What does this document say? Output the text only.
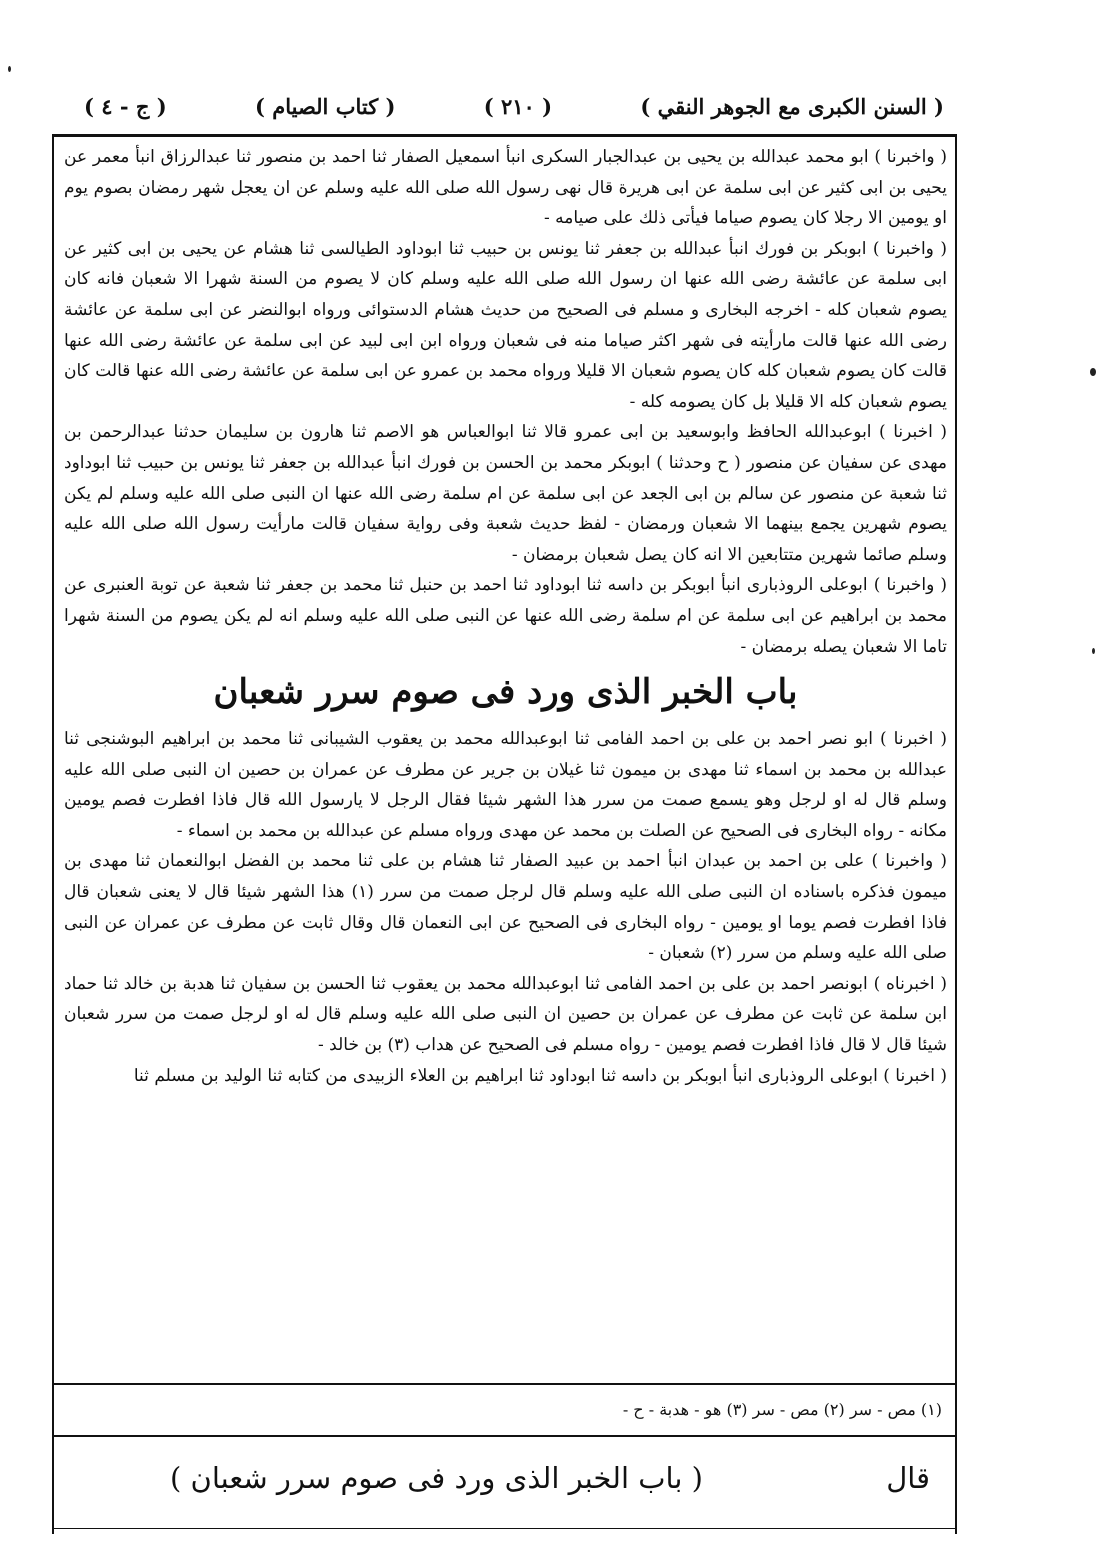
( السنن الكبرى مع الجوهر النقي )
( ٢١٠ )
( كتاب الصيام )
( ج - ٤ )

( واخبرنا ) ابو محمد عبدالله بن يحيى بن عبدالجبار السكرى انبأ اسمعيل الصفار ثنا احمد بن منصور ثنا عبدالرزاق انبأ معمر عن يحيى بن ابى كثير عن ابى سلمة عن ابى هريرة قال نهى رسول الله صلى الله عليه وسلم عن ان يعجل شهر رمضان بصوم يوم او يومين الا رجلا كان يصوم صياما فيأتى ذلك على صيامه -

( واخبرنا ) ابوبكر بن فورك انبأ عبدالله بن جعفر ثنا يونس بن حبيب ثنا ابوداود الطيالسى ثنا هشام عن يحيى بن ابى كثير عن ابى سلمة عن عائشة رضى الله عنها ان رسول الله صلى الله عليه وسلم كان لا يصوم من السنة شهرا الا شعبان فانه كان يصوم شعبان كله - اخرجه البخارى و مسلم فى الصحيح من حديث هشام الدستوائى ورواه ابوالنضر عن ابى سلمة عن عائشة رضى الله عنها قالت مارأيته فى شهر اكثر صياما منه فى شعبان ورواه ابن ابى لبيد عن ابى سلمة عن عائشة رضى الله عنها قالت كان يصوم شعبان كله كان يصوم شعبان الا قليلا ورواه محمد بن عمرو عن ابى سلمة عن عائشة رضى الله عنها قالت كان يصوم شعبان كله الا قليلا بل كان يصومه كله -

( اخبرنا ) ابوعبدالله الحافظ وابوسعيد بن ابى عمرو قالا ثنا ابوالعباس هو الاصم ثنا هارون بن سليمان حدثنا عبدالرحمن بن مهدى عن سفيان عن منصور ( ح وحدثنا ) ابوبكر محمد بن الحسن بن فورك انبأ عبدالله بن جعفر ثنا يونس بن حبيب ثنا ابوداود ثنا شعبة عن منصور عن سالم بن ابى الجعد عن ابى سلمة عن ام سلمة رضى الله عنها ان النبى صلى الله عليه وسلم لم يكن يصوم شهرين يجمع بينهما الا شعبان ورمضان - لفظ حديث شعبة وفى رواية سفيان قالت مارأيت رسول الله صلى الله عليه وسلم صائما شهرين متتابعين الا انه كان يصل شعبان برمضان -

( واخبرنا ) ابوعلى الروذبارى انبأ ابوبكر بن داسه ثنا ابوداود ثنا احمد بن حنبل ثنا محمد بن جعفر ثنا شعبة عن توبة العنبرى عن محمد بن ابراهيم عن ابى سلمة عن ام سلمة رضى الله عنها عن النبى صلى الله عليه وسلم انه لم يكن يصوم من السنة شهرا تاما الا شعبان يصله برمضان -

باب الخبر الذى ورد فى صوم سرر شعبان

( اخبرنا ) ابو نصر احمد بن على بن احمد الفامى ثنا ابوعبدالله محمد بن يعقوب الشيبانى ثنا محمد بن ابراهيم البوشنجى ثنا عبدالله بن محمد بن اسماء ثنا مهدى بن ميمون ثنا غيلان بن جرير عن مطرف عن عمران بن حصين ان النبى صلى الله عليه وسلم قال له او لرجل وهو يسمع صمت من سرر هذا الشهر شيئا فقال الرجل لا يارسول الله قال فاذا افطرت فصم يومين مكانه - رواه البخارى فى الصحيح عن الصلت بن محمد عن مهدى ورواه مسلم عن عبدالله بن محمد بن اسماء -

( واخبرنا ) على بن احمد بن عبدان انبأ احمد بن عبيد الصفار ثنا هشام بن على ثنا محمد بن الفضل ابوالنعمان ثنا مهدى بن ميمون فذكره باسناده ان النبى صلى الله عليه وسلم قال لرجل صمت من سرر (١) هذا الشهر شيئا قال لا يعنى شعبان قال فاذا افطرت فصم يوما او يومين - رواه البخارى فى الصحيح عن ابى النعمان قال وقال ثابت عن مطرف عن عمران عن النبى صلى الله عليه وسلم من سرر (٢) شعبان -

( اخبرناه ) ابونصر احمد بن على بن احمد الفامى ثنا ابوعبدالله محمد بن يعقوب ثنا الحسن بن سفيان ثنا هدبة بن خالد ثنا حماد ابن سلمة عن ثابت عن مطرف عن عمران بن حصين ان النبى صلى الله عليه وسلم قال له او لرجل صمت من سرر شعبان شيئا قال لا قال فاذا افطرت فصم يومين - رواه مسلم فى الصحيح عن هداب (٣) بن خالد -

( اخبرنا ) ابوعلى الروذبارى انبأ ابوبكر بن داسه ثنا ابوداود ثنا ابراهيم بن العلاء الزبيدى من كتابه ثنا الوليد بن مسلم ثنا

(١) مص - سر (٢) مص - سر (٣) هو - هدبة - ح -
قال
( باب الخبر الذى ورد فى صوم سرر شعبان )
